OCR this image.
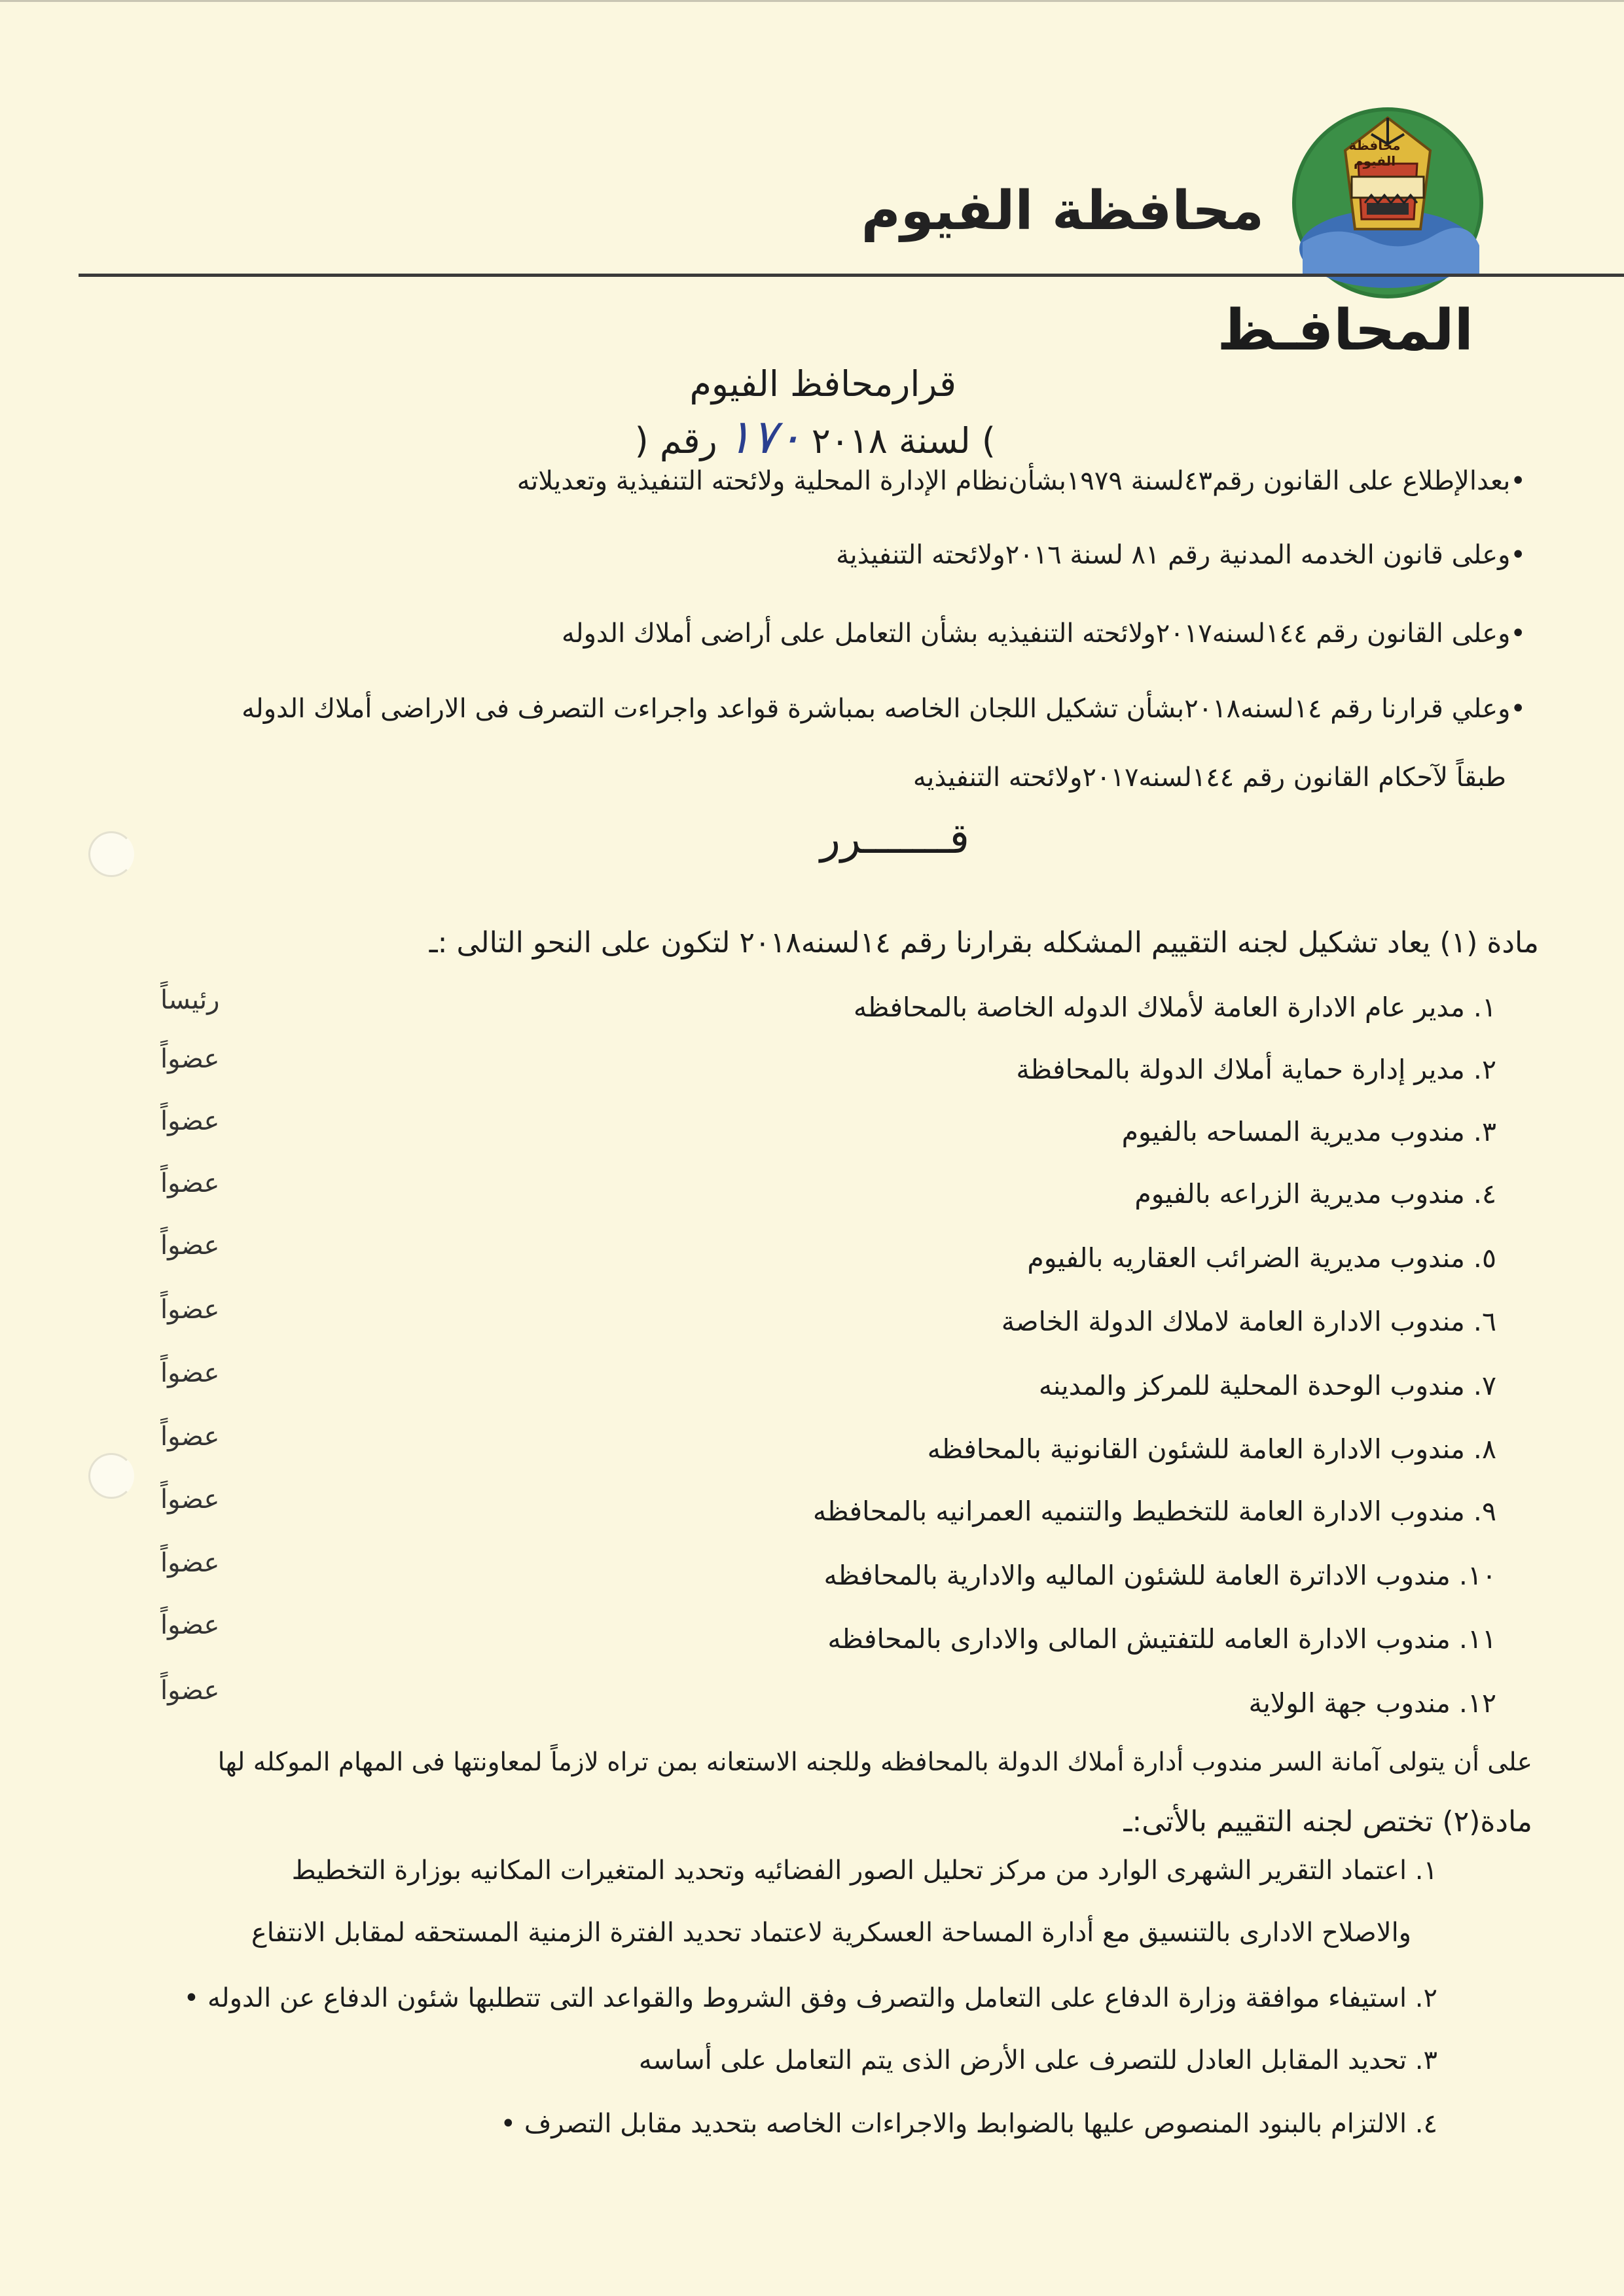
محافظة الفيوم
محافظة الفيوم
المحافـظ
قرارمحافظ الفيوم
رقم ( ١٧٠ ) لسنة ٢٠١٨
•بعدالإطلاع على القانون رقم٤٣لسنة ١٩٧٩بشأن‌نظام الإدارة المحلية ولائحته التنفيذية وتعديلاته
•وعلى قانون الخدمه المدنية رقم ٨١ لسنة ٢٠١٦ولائحته التنفيذية
•وعلى القانون رقم ١٤٤لسنه٢٠١٧ولائحته التنفيذيه بشأن التعامل على أراضى أملاك الدوله
•وعلي قرارنا رقم ١٤لسنه٢٠١٨بشأن تشكيل اللجان الخاصه بمباشرة قواعد واجراءت التصرف فى الاراضى أملاك الدوله
طبقاً لآحكام القانون رقم ١٤٤لسنه٢٠١٧ولائحته التنفيذيه
قـــــــرر
مادة (١) يعاد تشكيل لجنه التقييم المشكله بقرارنا رقم ١٤لسنه٢٠١٨ لتكون على النحو التالى :ـ
١. مدير عام الادارة العامة لأملاك الدوله الخاصة بالمحافظه
رئيساً
٢. مدير إدارة حماية أملاك الدولة بالمحافظة
عضواً
٣. مندوب مديرية المساحه بالفيوم
عضواً
٤. مندوب مديرية الزراعه بالفيوم
عضواً
٥. مندوب مديرية الضرائب العقاريه بالفيوم
عضواً
٦. مندوب الادارة العامة لاملاك الدولة الخاصة
عضواً
٧. مندوب الوحدة المحلية للمركز والمدينه
عضواً
٨. مندوب الادارة العامة للشئون القانونية بالمحافظه
عضواً
٩. مندوب الادارة العامة للتخطيط والتنميه العمرانيه بالمحافظه
عضواً
١٠. مندوب الاداترة العامة للشئون الماليه والادارية بالمحافظه
عضواً
١١. مندوب الادارة العامه للتفتيش المالى والادارى بالمحافظه
عضواً
١٢. مندوب جهة الولاية
عضواً
على أن يتولى آمانة السر مندوب أدارة أملاك الدولة بالمحافظه وللجنه الاستعانه بمن تراه لازماً لمعاونتها فى المهام الموكله لها
مادة(٢) تختص لجنه التقييم بالأتى:ـ
١. اعتماد التقرير الشهرى الوارد من مركز تحليل الصور الفضائيه وتحديد المتغيرات المكانيه بوزارة التخطيط
والاصلاح الادارى بالتنسيق مع أدارة المساحة العسكرية لاعتماد تحديد الفترة الزمنية المستحقه لمقابل الانتفاع
٢. استيفاء موافقة وزارة الدفاع على التعامل والتصرف وفق الشروط والقواعد التى تتطلبها شئون الدفاع عن الدوله •
٣. تحديد المقابل العادل للتصرف على الأرض الذى يتم التعامل على أساسه
٤. الالتزام بالبنود المنصوص عليها بالضوابط والاجراءات الخاصه بتحديد مقابل التصرف •
